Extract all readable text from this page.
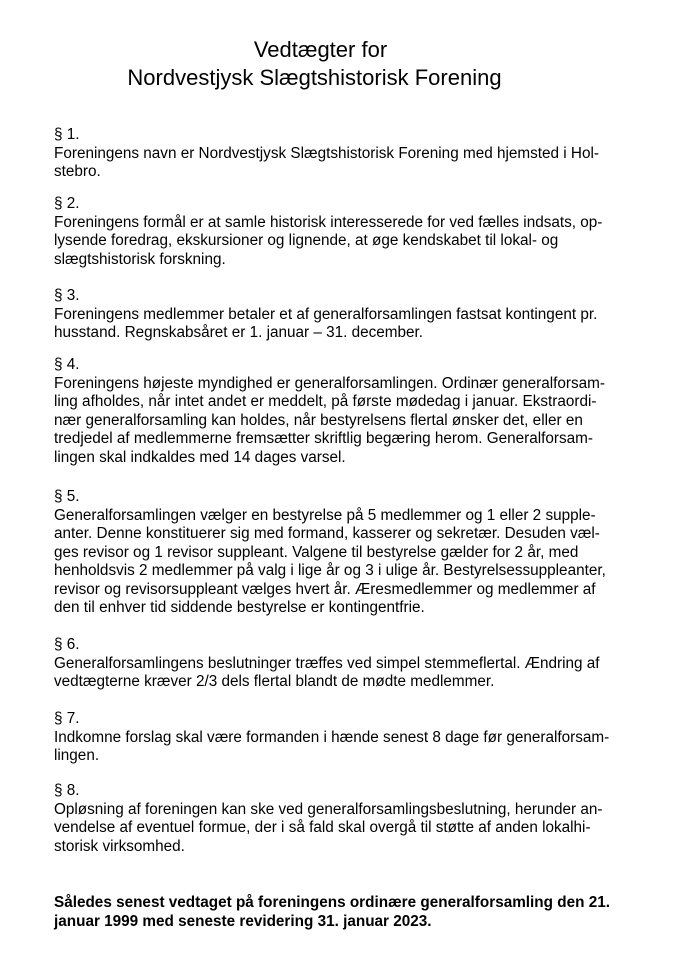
Vedtægter for
Nordvestjysk Slægtshistorisk Forening
§ 1.
Foreningens navn er Nordvestjysk Slægtshistorisk Forening med hjemsted i Hol-
stebro.
§ 2.
Foreningens formål er at samle historisk interesserede for ved fælles indsats, op-
lysende foredrag, ekskursioner og lignende, at øge kendskabet til lokal- og
slægtshistorisk forskning.
§ 3.
Foreningens medlemmer betaler et af generalforsamlingen fastsat kontingent pr.
husstand. Regnskabsåret er 1. januar – 31. december.
§ 4.
Foreningens højeste myndighed er generalforsamlingen. Ordinær generalforsam-
ling afholdes, når intet andet er meddelt, på første mødedag i januar. Ekstraordi-
nær generalforsamling kan holdes, når bestyrelsens flertal ønsker det, eller en
tredjedel af medlemmerne fremsætter skriftlig begæring herom. Generalforsam-
lingen skal indkaldes med 14 dages varsel.
§ 5.
Generalforsamlingen vælger en bestyrelse på 5 medlemmer og 1 eller 2 supple-
anter. Denne konstituerer sig med formand, kasserer og sekretær. Desuden væl-
ges revisor og 1 revisor suppleant. Valgene til bestyrelse gælder for 2 år, med
henholdsvis 2 medlemmer på valg i lige år og 3 i ulige år. Bestyrelsessuppleanter,
revisor og revisorsuppleant vælges hvert år. Æresmedlemmer og medlemmer af
den til enhver tid siddende bestyrelse er kontingentfrie.
§ 6.
Generalforsamlingens beslutninger træffes ved simpel stemmeflertal. Ændring af
vedtægterne kræver 2/3 dels flertal blandt de mødte medlemmer.
§ 7.
Indkomne forslag skal være formanden i hænde senest 8 dage før generalforsam-
lingen.
§ 8.
Opløsning af foreningen kan ske ved generalforsamlingsbeslutning, herunder an-
vendelse af eventuel formue, der i så fald skal overgå til støtte af anden lokalhi-
storisk virksomhed.
Således senest vedtaget på foreningens ordinære generalforsamling den 21.
januar 1999 med seneste revidering 31. januar 2023.
